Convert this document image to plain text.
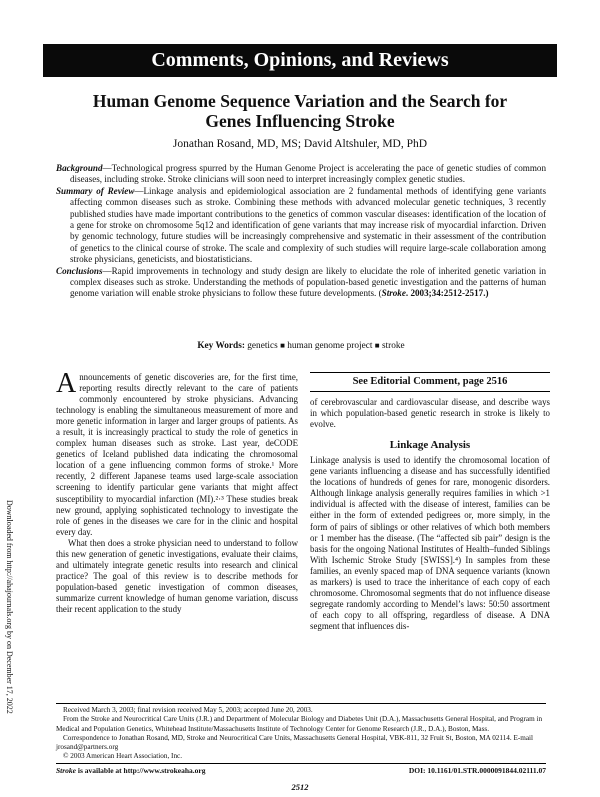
Comments, Opinions, and Reviews
Human Genome Sequence Variation and the Search for
Genes Influencing Stroke
Jonathan Rosand, MD, MS; David Altshuler, MD, PhD

Background—Technological progress spurred by the Human Genome Project is accelerating the pace of genetic studies of common diseases, including stroke. Stroke clinicians will soon need to interpret increasingly complex genetic studies.

Summary of Review—Linkage analysis and epidemiological association are 2 fundamental methods of identifying gene variants affecting common diseases such as stroke. Combining these methods with advanced molecular genetic techniques, 3 recently published studies have made important contributions to the genetics of common vascular diseases: identification of the location of a gene for stroke on chromosome 5q12 and identification of gene variants that may increase risk of myocardial infarction. Driven by genomic technology, future studies will be increasingly comprehensive and systematic in their assessment of the contribution of genetics to the clinical course of stroke. The scale and complexity of such studies will require large-scale collaboration among stroke physicians, geneticists, and biostatisticians.

Conclusions—Rapid improvements in technology and study design are likely to elucidate the role of inherited genetic variation in complex diseases such as stroke. Understanding the methods of population-based genetic investigation and the patterns of human genome variation will enable stroke physicians to follow these future developments. (Stroke. 2003;34:2512-2517.)

Key Words: genetics ■ human genome project ■ stroke
Downloaded from http://ahajournals.org by on December 17, 2022

Announcements of genetic discoveries are, for the first time, reporting results directly relevant to the care of patients commonly encountered by stroke physicians. Advancing technology is enabling the simultaneous measurement of more and more genetic information in larger and larger groups of patients. As a result, it is increasingly practical to study the role of genetics in complex human diseases such as stroke. Last year, deCODE genetics of Iceland published data indicating the chromosomal location of a gene influencing common forms of stroke.¹ More recently, 2 different Japanese teams used large-scale association screening to identify particular gene variants that might affect susceptibility to myocardial infarction (MI).²·³ These studies break new ground, applying sophisticated technology to investigate the role of genes in the diseases we care for in the clinic and hospital every day.

What then does a stroke physician need to understand to follow this new generation of genetic investigations, evaluate their claims, and ultimately integrate genetic results into research and clinical practice? The goal of this review is to describe methods for population-based genetic investigation of common diseases, summarize current knowledge of human genome variation, discuss their recent application to the study

See Editorial Comment, page 2516

of cerebrovascular and cardiovascular disease, and describe ways in which population-based genetic research in stroke is likely to evolve.

Linkage Analysis

Linkage analysis is used to identify the chromosomal location of gene variants influencing a disease and has successfully identified the locations of hundreds of genes for rare, monogenic disorders. Although linkage analysis generally requires families in which >1 individual is affected with the disease of interest, families can be either in the form of extended pedigrees or, more simply, in the form of pairs of siblings or other relatives of which both members or 1 member has the disease. (The “affected sib pair” design is the basis for the ongoing National Institutes of Health–funded Siblings With Ischemic Stroke Study [SWISS].⁴) In samples from these families, an evenly spaced map of DNA sequence variants (known as markers) is used to trace the inheritance of each copy of each chromosome. Chromosomal segments that do not influence disease segregate randomly according to Mendel’s laws: 50:50 assortment of each copy to all offspring, regardless of disease. A DNA segment that influences dis-

Received March 3, 2003; final revision received May 5, 2003; accepted June 20, 2003.

From the Stroke and Neurocritical Care Units (J.R.) and Department of Molecular Biology and Diabetes Unit (D.A.), Massachusetts General Hospital, and Program in Medical and Population Genetics, Whitehead Institute/Massachusetts Institute of Technology Center for Genome Research (J.R., D.A.), Boston, Mass.

Correspondence to Jonathan Rosand, MD, Stroke and Neurocritical Care Units, Massachusetts General Hospital, VBK-811, 32 Fruit St, Boston, MA 02114. E-mail jrosand@partners.org

© 2003 American Heart Association, Inc.

Stroke is available at http://www.strokeaha.org	DOI: 10.1161/01.STR.0000091844.02111.07
2512
